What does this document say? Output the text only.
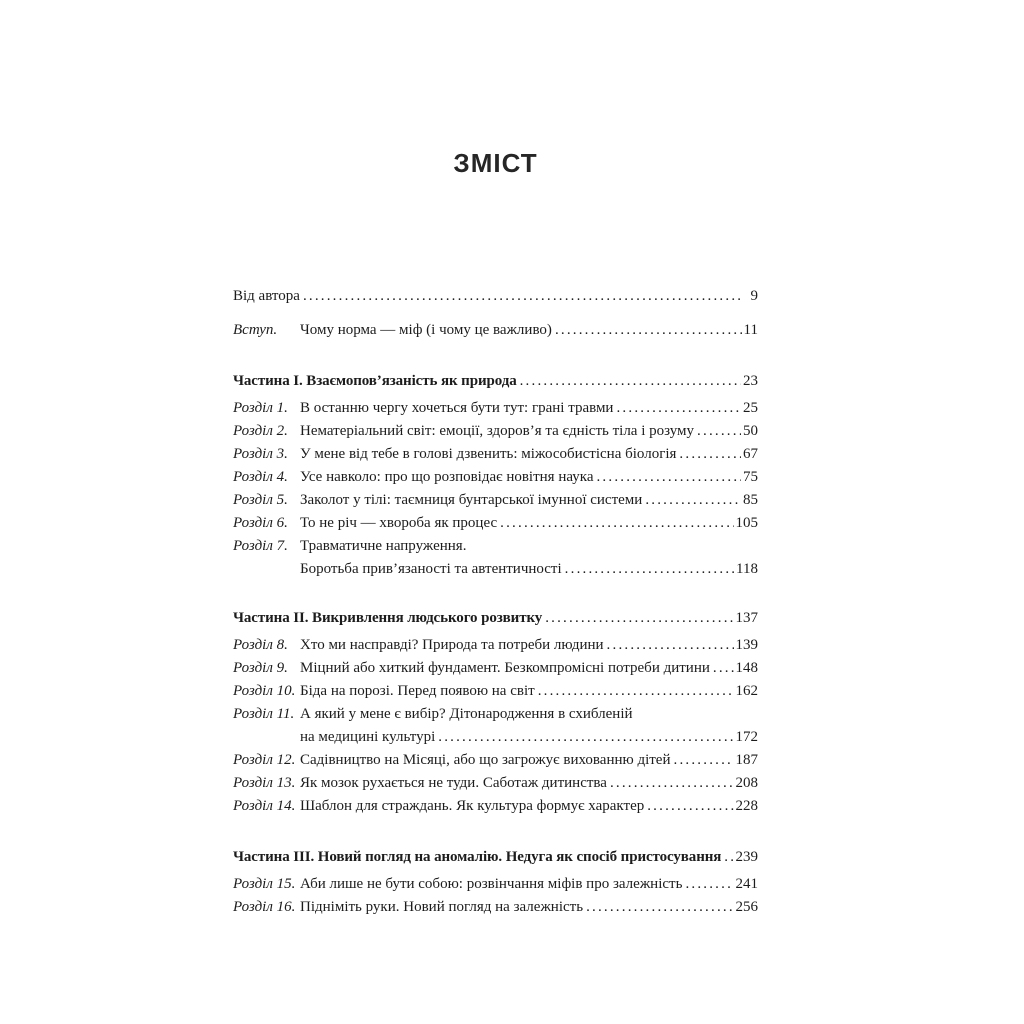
ЗМІСТ
Від автора .....	9
Вступ.	Чому норма — міф (і чому це важливо) .....	11
Частина I. Взаємопов’язаність як природа .....	23
Розділ 1. В останню чергу хочеться бути тут: грані травми .....	25
Розділ 2. Нематеріальний світ: емоції, здоров’я та єдність тіла і розуму .....	50
Розділ 3. У мене від тебе в голові дзвенить: міжособистісна біологія .....	67
Розділ 4. Усе навколо: про що розповідає новітня наука .....	75
Розділ 5. Заколот у тілі: таємниця бунтарської імунної системи .....	85
Розділ 6. То не річ — хвороба як процес .....	105
Розділ 7. Травматичне напруження.
Боротьба прив’язаності та автентичності .....	118
Частина II. Викривлення людського розвитку .....	137
Розділ 8. Хто ми насправді? Природа та потреби людини .....	139
Розділ 9. Міцний або хиткий фундамент. Безкомпромісні потреби дитини ..... 148
Розділ 10. Біда на порозі. Перед появою на світ .....	162
Розділ 11. А який у мене є вибір? Дітонародження в схибленій
на медицині культурі .....	172
Розділ 12. Садівництво на Місяці, або що загрожує вихованню дітей .....	187
Розділ 13. Як мозок рухається не туди. Саботаж дитинства .....	208
Розділ 14. Шаблон для страждань. Як культура формує характер .....	228
Частина III. Новий погляд на аномалію. Недуга як спосіб пристосування ..... 239
Розділ 15. Аби лише не бути собою: розвінчання міфів про залежність .....	241
Розділ 16. Підніміть руки. Новий погляд на залежність .....	256
